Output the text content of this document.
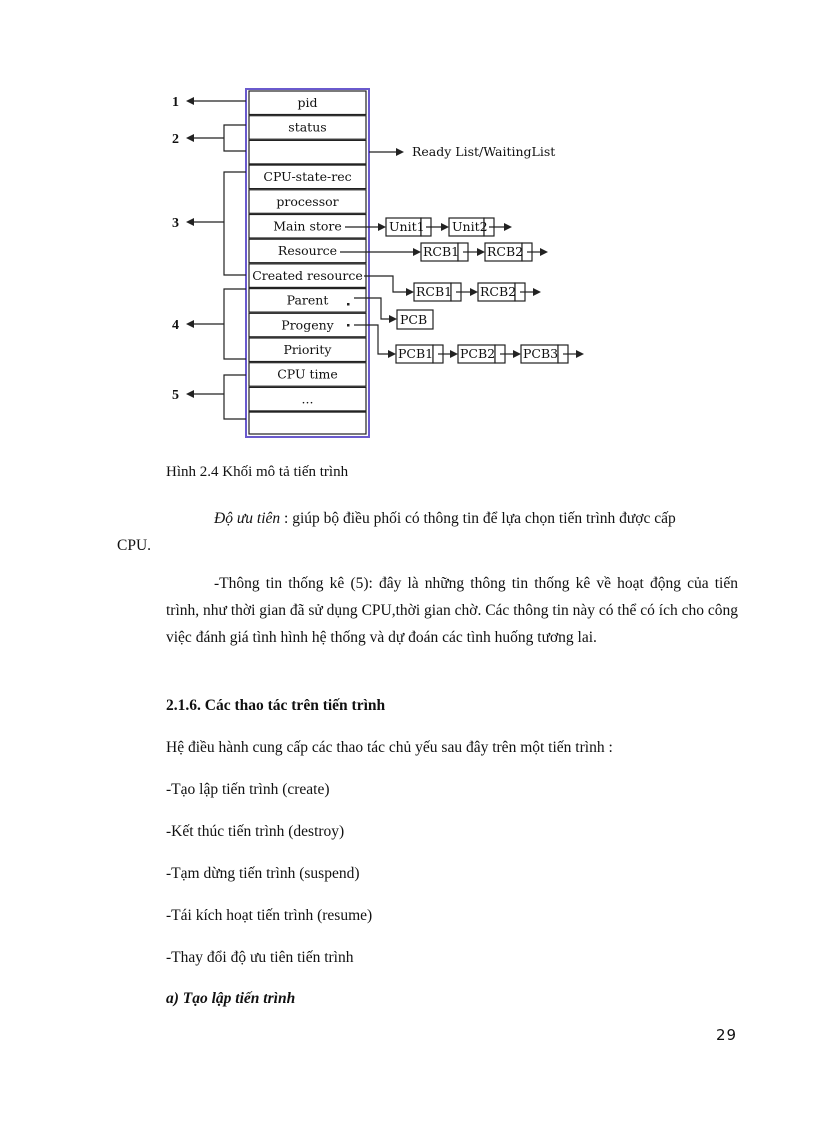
pid
status
CPU-state-rec
processor
Main store
Resource
Created resource
Parent
Progeny
Priority
CPU time
...
1
2
3
4
5
Ready List/WaitingList
Unit1 Unit2
RCB1 RCB2
RCB1 RCB2
PCB
PCB1 PCB2 PCB3
Hình 2.4 Khối mô tả tiến trình
Độ ưu tiên : giúp bộ điều phối có thông tin để lựa chọn tiến trình được cấp
CPU.
-Thông tin thống kê (5): đây là những thông tin thống kê về hoạt động của tiến trình, như thời gian đã sử dụng CPU,thời gian chờ. Các thông tin này có thể có ích cho công việc đánh giá tình hình hệ thống và dự đoán các tình huống tương lai.
2.1.6. Các thao tác trên tiến trình
Hệ điều hành cung cấp các thao tác chủ yếu sau đây trên một tiến trình :
-Tạo lập tiến trình (create)
-Kết thúc tiến trình (destroy)
-Tạm dừng tiến trình (suspend)
-Tái kích hoạt tiến trình (resume)
-Thay đổi độ ưu tiên tiến trình
a) Tạo lập tiến trình
29
